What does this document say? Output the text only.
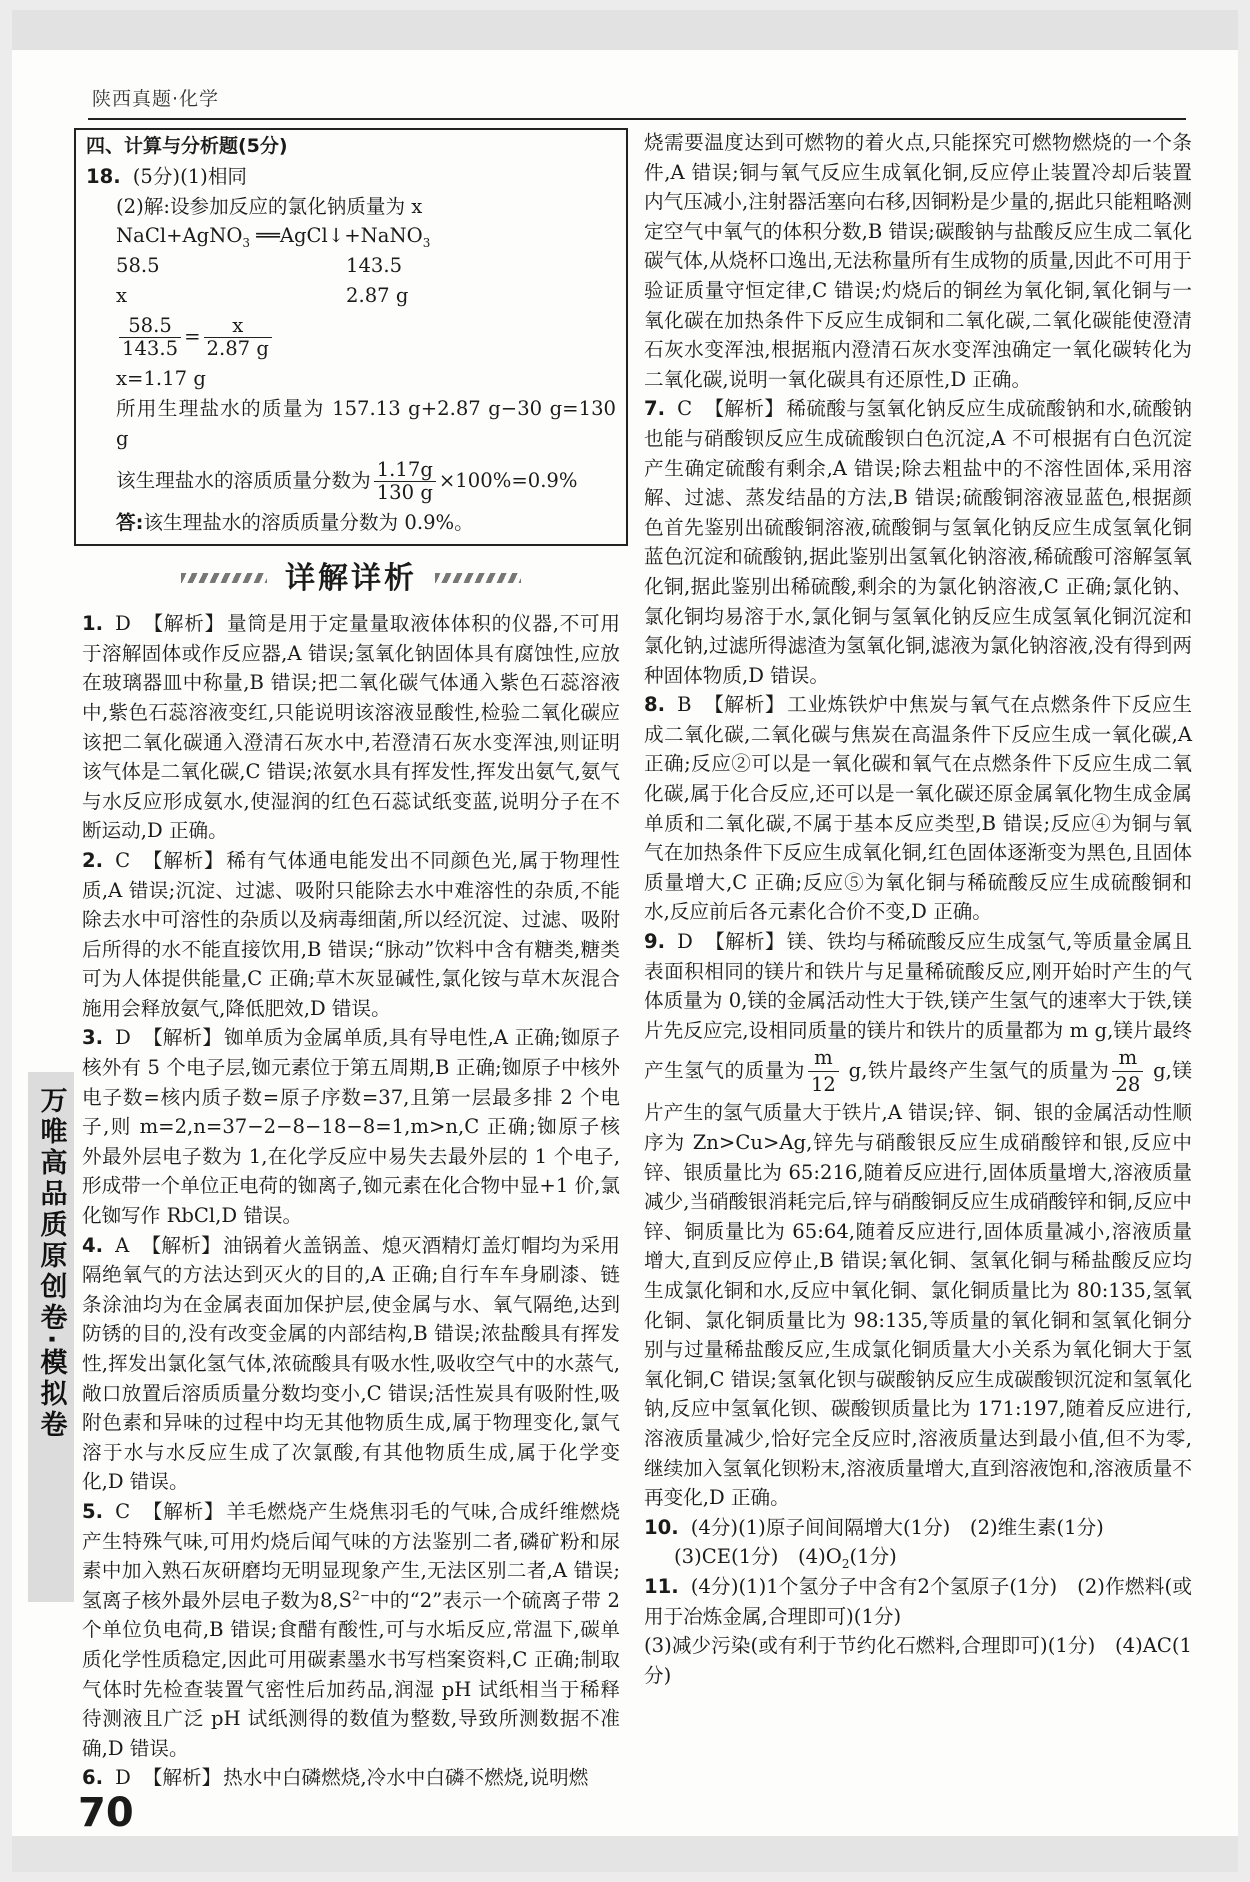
陕西真题·化学

四、计算与分析题(5分)

18. (5分)(1)相同

(2)解:设参加反应的氯化钠质量为 x

NaCl+AgNO$_3$ ══AgCl↓+NaNO$_3$

58.5	143.5
x	2.87 g

$\frac{58.5}{143.5} = \frac{x}{2.87 g}$

x=1.17 g

所用生理盐水的质量为 157.13 g+2.87 g−30 g=130 g

该生理盐水的溶质质量分数为 $\frac{1.17g}{130 g} \times 100\%=0.9\%$

答:该生理盐水的溶质质量分数为 0.9%。

详解详析

1. D 【解析】 量筒是用于定量量取液体体积的仪器,不可用于溶解固体或作反应器,A 错误;氢氧化钠固体具有腐蚀性,应放在玻璃器皿中称量,B 错误;把二氧化碳气体通入紫色石蕊溶液中,紫色石蕊溶液变红,只能说明该溶液显酸性,检验二氧化碳应该把二氧化碳通入澄清石灰水中,若澄清石灰水变浑浊,则证明该气体是二氧化碳,C 错误;浓氨水具有挥发性,挥发出氨气,氨气与水反应形成氨水,使湿润的红色石蕊试纸变蓝,说明分子在不断运动,D 正确。

2. C 【解析】 稀有气体通电能发出不同颜色光,属于物理性质,A 错误;沉淀、过滤、吸附只能除去水中难溶性的杂质,不能除去水中可溶性的杂质以及病毒细菌,所以经沉淀、过滤、吸附后所得的水不能直接饮用,B 错误;“脉动”饮料中含有糖类,糖类可为人体提供能量,C 正确;草木灰显碱性,氯化铵与草木灰混合施用会释放氨气,降低肥效,D 错误。

3. D 【解析】 铷单质为金属单质,具有导电性,A 正确;铷原子核外有 5 个电子层,铷元素位于第五周期,B 正确;铷原子中核外电子数=核内质子数=原子序数=37,且第一层最多排 2 个电子,则 m=2,n=37−2−8−18−8=1,m>n,C 正确;铷原子核外最外层电子数为 1,在化学反应中易失去最外层的 1 个电子,形成带一个单位正电荷的铷离子,铷元素在化合物中显+1 价,氯化铷写作 RbCl,D 错误。

4. A 【解析】 油锅着火盖锅盖、熄灭酒精灯盖灯帽均为采用隔绝氧气的方法达到灭火的目的,A 正确;自行车车身刷漆、链条涂油均为在金属表面加保护层,使金属与水、氧气隔绝,达到防锈的目的,没有改变金属的内部结构,B 错误;浓盐酸具有挥发性,挥发出氯化氢气体,浓硫酸具有吸水性,吸收空气中的水蒸气,敞口放置后溶质质量分数均变小,C 错误;活性炭具有吸附性,吸附色素和异味的过程中均无其他物质生成,属于物理变化,氯气溶于水与水反应生成了次氯酸,有其他物质生成,属于化学变化,D 错误。

5. C 【解析】 羊毛燃烧产生烧焦羽毛的气味,合成纤维燃烧产生特殊气味,可用灼烧后闻气味的方法鉴别二者,磷矿粉和尿素中加入熟石灰研磨均无明显现象产生,无法区别二者,A 错误;氢离子核外最外层电子数为$8,S^{2-}$中的“2”表示一个硫离子带 2 个单位负电荷,B 错误;食醋有酸性,可与水垢反应,常温下,碳单质化学性质稳定,因此可用碳素墨水书写档案资料,C 正确;制取气体时先检查装置气密性后加药品,润湿 pH 试纸相当于稀释待测液且广泛 pH 试纸测得的数值为整数,导致所测数据不准确,D 错误。

6. D 【解析】 热水中白磷燃烧,冷水中白磷不燃烧,说明燃

烧需要温度达到可燃物的着火点,只能探究可燃物燃烧的一个条件,A 错误;铜与氧气反应生成氧化铜,反应停止装置冷却后装置内气压减小,注射器活塞向右移,因铜粉是少量的,据此只能粗略测定空气中氧气的体积分数,B 错误;碳酸钠与盐酸反应生成二氧化碳气体,从烧杯口逸出,无法称量所有生成物的质量,因此不可用于验证质量守恒定律,C 错误;灼烧后的铜丝为氧化铜,氧化铜与一氧化碳在加热条件下反应生成铜和二氧化碳,二氧化碳能使澄清石灰水变浑浊,根据瓶内澄清石灰水变浑浊确定一氧化碳转化为二氧化碳,说明一氧化碳具有还原性,D 正确。

7. C 【解析】 稀硫酸与氢氧化钠反应生成硫酸钠和水,硫酸钠也能与硝酸钡反应生成硫酸钡白色沉淀,A 不可根据有白色沉淀产生确定硫酸有剩余,A 错误;除去粗盐中的不溶性固体,采用溶解、过滤、蒸发结晶的方法,B 错误;硫酸铜溶液显蓝色,根据颜色首先鉴别出硫酸铜溶液,硫酸铜与氢氧化钠反应生成氢氧化铜蓝色沉淀和硫酸钠,据此鉴别出氢氧化钠溶液,稀硫酸可溶解氢氧化铜,据此鉴别出稀硫酸,剩余的为氯化钠溶液,C 正确;氯化钠、氯化铜均易溶于水,氯化铜与氢氧化钠反应生成氢氧化铜沉淀和氯化钠,过滤所得滤渣为氢氧化铜,滤液为氯化钠溶液,没有得到两种固体物质,D 错误。

8. B 【解析】 工业炼铁炉中焦炭与氧气在点燃条件下反应生成二氧化碳,二氧化碳与焦炭在高温条件下反应生成一氧化碳,A 正确;反应②可以是一氧化碳和氧气在点燃条件下反应生成二氧化碳,属于化合反应,还可以是一氧化碳还原金属氧化物生成金属单质和二氧化碳,不属于基本反应类型,B 错误;反应④为铜与氧气在加热条件下反应生成氧化铜,红色固体逐渐变为黑色,且固体质量增大,C 正确;反应⑤为氧化铜与稀硫酸反应生成硫酸铜和水,反应前后各元素化合价不变,D 正确。

9. D 【解析】 镁、铁均与稀硫酸反应生成氢气,等质量金属且表面积相同的镁片和铁片与足量稀硫酸反应,刚开始时产生的气体质量为 0,镁的金属活动性大于铁,镁产生氢气的速率大于铁,镁片先反应完,设相同质量的镁片和铁片的质量都为 m g,镁片最终产生氢气的质量为 $\frac{m}{12} g$,铁片最终产生氢气的质量为 $\frac{m}{28} g$,镁片产生的氢气质量大于铁片,A 错误;锌、铜、银的金属活动性顺序为 Zn>Cu>Ag,锌先与硝酸银反应生成硝酸锌和银,反应中锌、银质量比为 65:216,随着反应进行,固体质量增大,溶液质量减少,当硝酸银消耗完后,锌与硝酸铜反应生成硝酸锌和铜,反应中锌、铜质量比为 65:64,随着反应进行,固体质量减小,溶液质量增大,直到反应停止,B 错误;氧化铜、氢氧化铜与稀盐酸反应均生成氯化铜和水,反应中氧化铜、氯化铜质量比为 80:135,氢氧化铜、氯化铜质量比为 98:135,等质量的氧化铜和氢氧化铜分别与过量稀盐酸反应,生成氯化铜质量大小关系为氧化铜大于氢氧化铜,C 错误;氢氧化钡与碳酸钠反应生成碳酸钡沉淀和氢氧化钠,反应中氢氧化钡、碳酸钡质量比为 171:197,随着反应进行,溶液质量减少,恰好完全反应时,溶液质量达到最小值,但不为零,继续加入氢氧化钡粉末,溶液质量增大,直到溶液饱和,溶液质量不再变化,D 正确。

10. (4分)(1)原子间间隔增大(1分)　(2)维生素(1分)

(3)CE(1分)　$(4)O_2(1$分)

11. (4分)(1)1个氢分子中含有2个氢原子(1分)　(2)作燃料(或用于冶炼金属,合理即可)(1分)

(3)减少污染(或有利于节约化石燃料,合理即可)(1分)　(4)AC(1分)

万唯高品质原创卷·模拟卷
70
